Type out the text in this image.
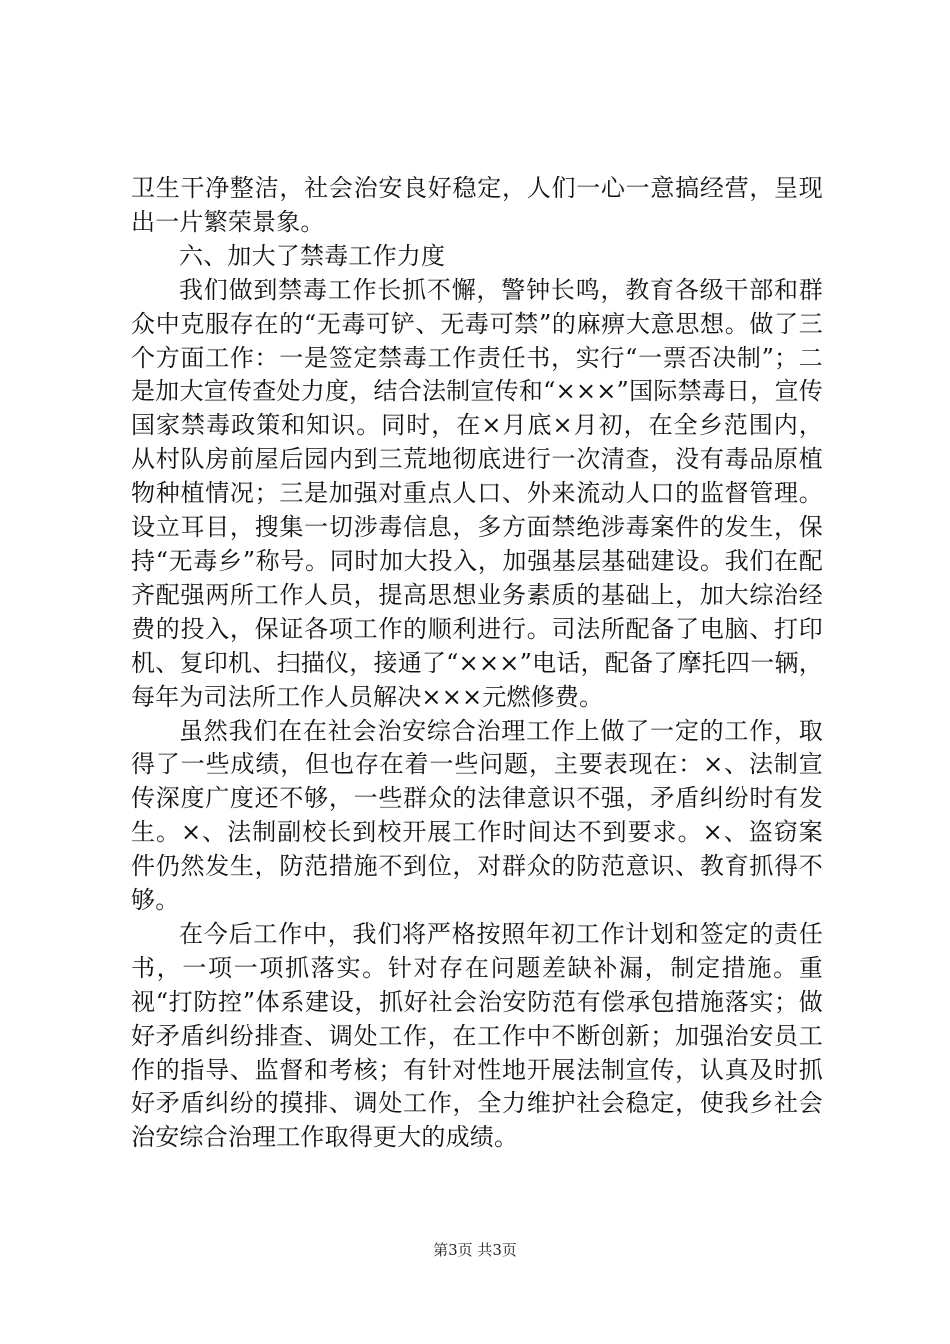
卫生干净整洁，社会治安良好稳定，人们一心一意搞经营，呈现出一片繁荣景象。

六、加大了禁毒工作力度

我们做到禁毒工作长抓不懈，警钟长鸣，教育各级干部和群众中克服存在的“无毒可铲、无毒可禁”的麻痹大意思想。做了三个方面工作：一是签定禁毒工作责任书，实行“一票否决制”；二是加大宣传查处力度，结合法制宣传和“×××”国际禁毒日，宣传国家禁毒政策和知识。同时，在×月底×月初，在全乡范围内，从村队房前屋后园内到三荒地彻底进行一次清查，没有毒品原植物种植情况；三是加强对重点人口、外来流动人口的监督管理。设立耳目，搜集一切涉毒信息，多方面禁绝涉毒案件的发生，保持“无毒乡”称号。同时加大投入，加强基层基础建设。我们在配齐配强两所工作人员，提高思想业务素质的基础上，加大综治经费的投入，保证各项工作的顺利进行。司法所配备了电脑、打印机、复印机、扫描仪，接通了“×××”电话，配备了摩托四一辆，每年为司法所工作人员解决×××元燃修费。

虽然我们在在社会治安综合治理工作上做了一定的工作，取得了一些成绩，但也存在着一些问题，主要表现在：×、法制宣传深度广度还不够，一些群众的法律意识不强，矛盾纠纷时有发生。×、法制副校长到校开展工作时间达不到要求。×、盗窃案件仍然发生，防范措施不到位，对群众的防范意识、教育抓得不够。

在今后工作中，我们将严格按照年初工作计划和签定的责任书，一项一项抓落实。针对存在问题差缺补漏，制定措施。重视“打防控”体系建设，抓好社会治安防范有偿承包措施落实；做好矛盾纠纷排查、调处工作，在工作中不断创新；加强治安员工作的指导、监督和考核；有针对性地开展法制宣传，认真及时抓好矛盾纠纷的摸排、调处工作，全力维护社会稳定，使我乡社会治安综合治理工作取得更大的成绩。

第3页 共3页
